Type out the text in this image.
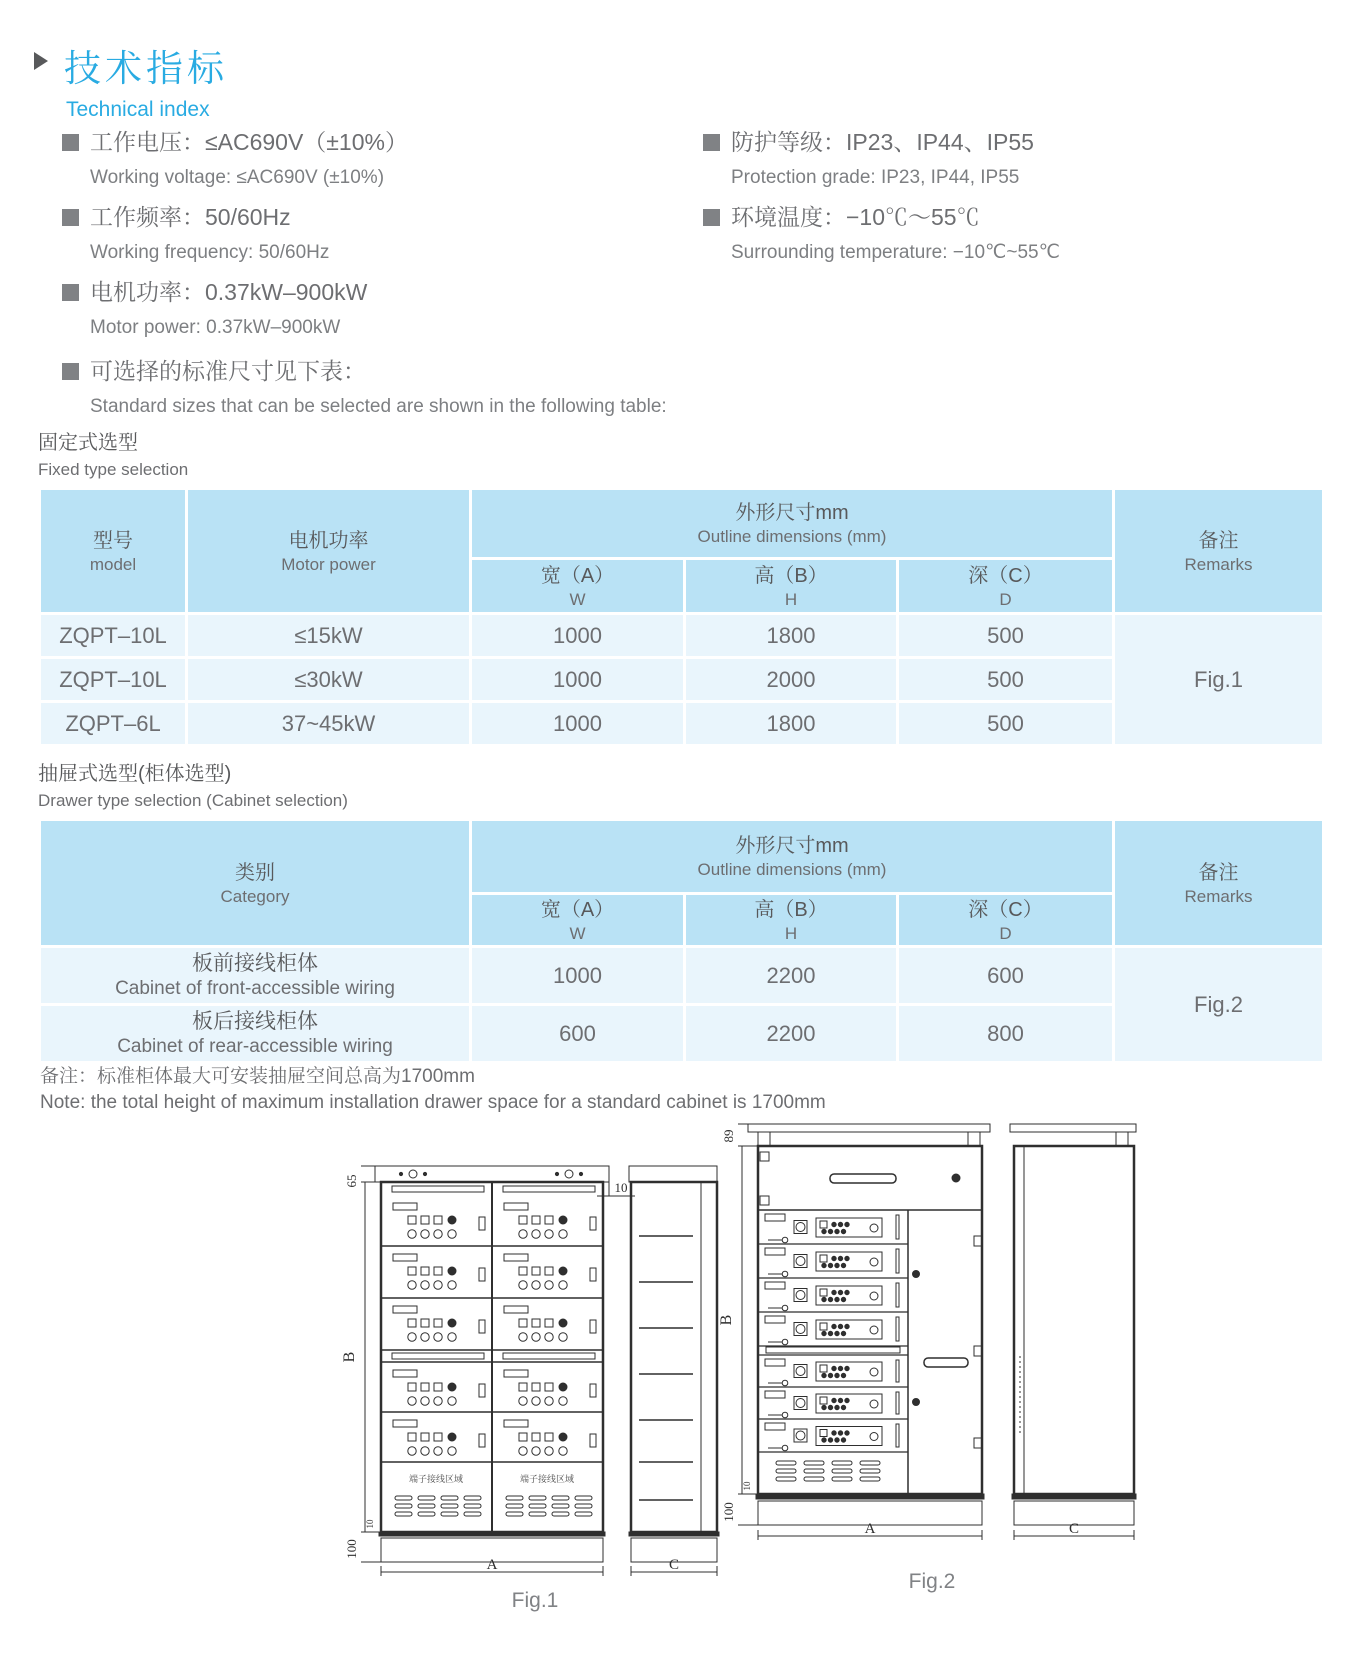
技术指标
Technical index
工作电压：≤AC690V（±10%）
Working voltage: ≤AC690V (±10%)
工作频率：50/60Hz
Working frequency: 50/60Hz
电机功率：0.37kW–900kW
Motor power: 0.37kW–900kW
可选择的标准尺寸见下表：
Standard sizes that can be selected are shown in the following table:
防护等级：IP23、IP44、IP55
Protection grade: IP23, IP44, IP55
环境温度：−10℃～55℃
Surrounding temperature: −10℃~55℃
固定式选型
Fixed type selection
型号
model	电机功率
Motor power	外形尺寸mm
Outline dimensions (mm)			备注
Remarks

		宽（A）
W	高（B）
H	深（C）
D	

ZQPT–10L	≤15kW	1000	1800	500	Fig.1
ZQPT–10L	≤30kW	1000	2000	500	
ZQPT–6L	37~45kW	1000	1800	500	
抽屉式选型(柜体选型)
Drawer type selection (Cabinet selection)
类别
Category	外形尺寸mm
Outline dimensions (mm)			备注
Remarks

	宽（A）
W	高（B）
H	深（C）
D	

板前接线柜体
Cabinet of front-accessible wiring	1000	2200	600	Fig.2

板后接线柜体
Cabinet of rear-accessible wiring	600	2200	800	
备注：标准柜体最大可安装抽屉空间总高为1700mm
Note: the total height of maximum installation drawer space for a standard cabinet is 1700mm
端子接线区域	端子接线区域
65	10
B
10
100
A	C
Fig.1
89
B
10
100
A	C
Fig.2
